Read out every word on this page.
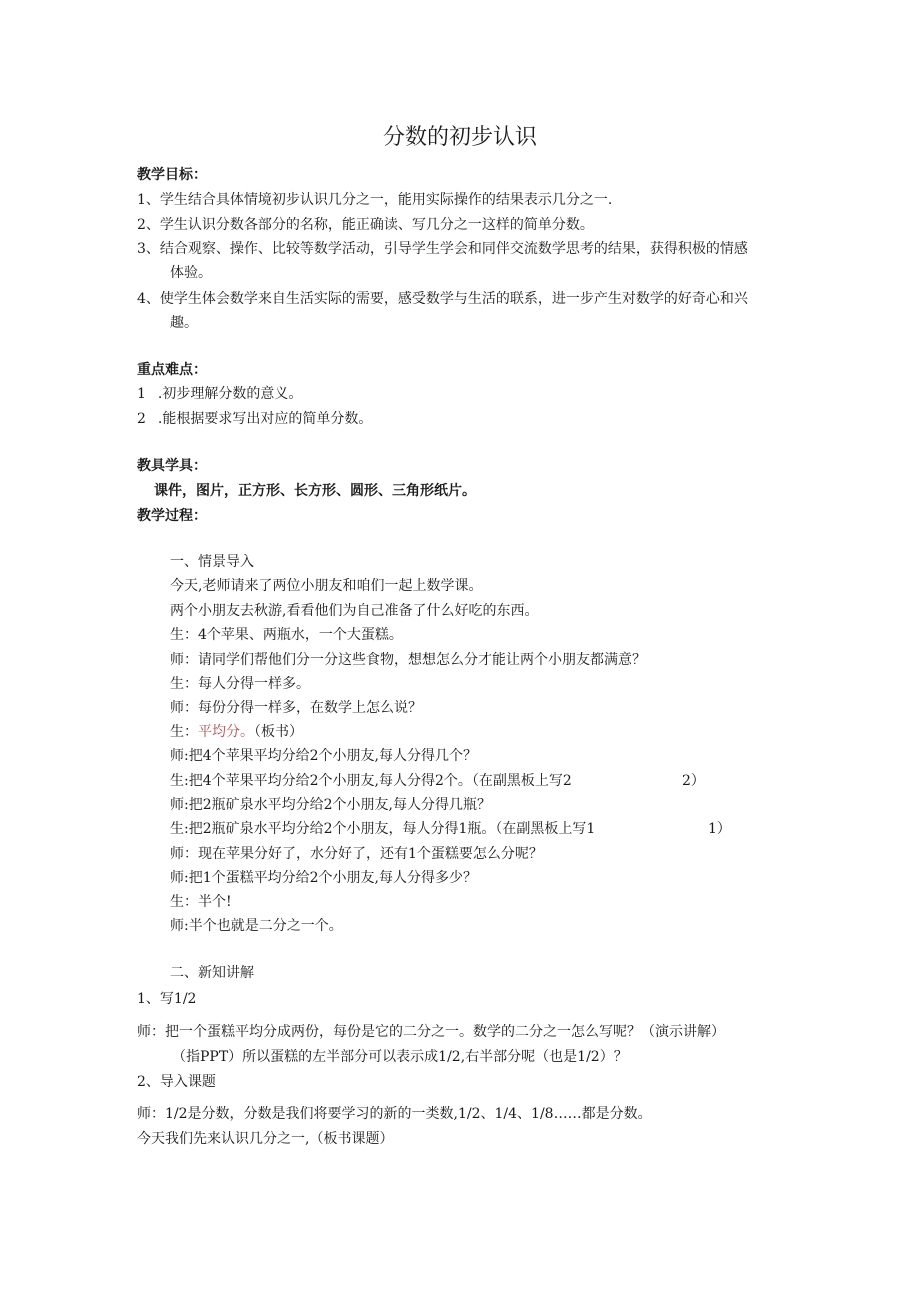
分数的初步认识
教学目标：
1、学生结合具体情境初步认识几分之一，能用实际操作的结果表示几分之一.
2、学生认识分数各部分的名称，能正确读、写几分之一这样的简单分数。
3、结合观察、操作、比较等数学活动，引导学生学会和同伴交流数学思考的结果，获得积极的情感
体验。
4、使学生体会数学来自生活实际的需要，感受数学与生活的联系，进一步产生对数学的好奇心和兴
趣。
重点难点：
1 .初步理解分数的意义。
2 .能根据要求写出对应的简单分数。
教具学具：
课件，图片，正方形、长方形、圆形、三角形纸片。
教学过程：
一、情景导入
今天,老师请来了两位小朋友和咱们一起上数学课。
两个小朋友去秋游,看看他们为自己准备了什么好吃的东西。
生：4个苹果、两瓶水，一个大蛋糕。
师：请同学们帮他们分一分这些食物，想想怎么分才能让两个小朋友都满意？
生：每人分得一样多。
师：每份分得一样多，在数学上怎么说？
生：平均分。（板书）
师:把4个苹果平均分给2个小朋友,每人分得几个？
生:把4个苹果平均分给2个小朋友,每人分得2个。（在副黑板上写2	2）
师:把2瓶矿泉水平均分给2个小朋友,每人分得几瓶？
生:把2瓶矿泉水平均分给2个小朋友，每人分得1瓶。（在副黑板上写1	1）
师：现在苹果分好了，水分好了，还有1个蛋糕要怎么分呢？
师:把1个蛋糕平均分给2个小朋友,每人分得多少？
生：半个!
师:半个也就是二分之一个。
二、新知讲解
1、写1/2
师：把一个蛋糕平均分成两份，每份是它的二分之一。数学的二分之一怎么写呢？（演示讲解）
（指PPT）所以蛋糕的左半部分可以表示成1/2,右半部分呢（也是1/2）？
2、导入课题
师：1/2是分数，分数是我们将要学习的新的一类数,1/2、1/4、1/8……都是分数。
今天我们先来认识几分之一,（板书课题）
